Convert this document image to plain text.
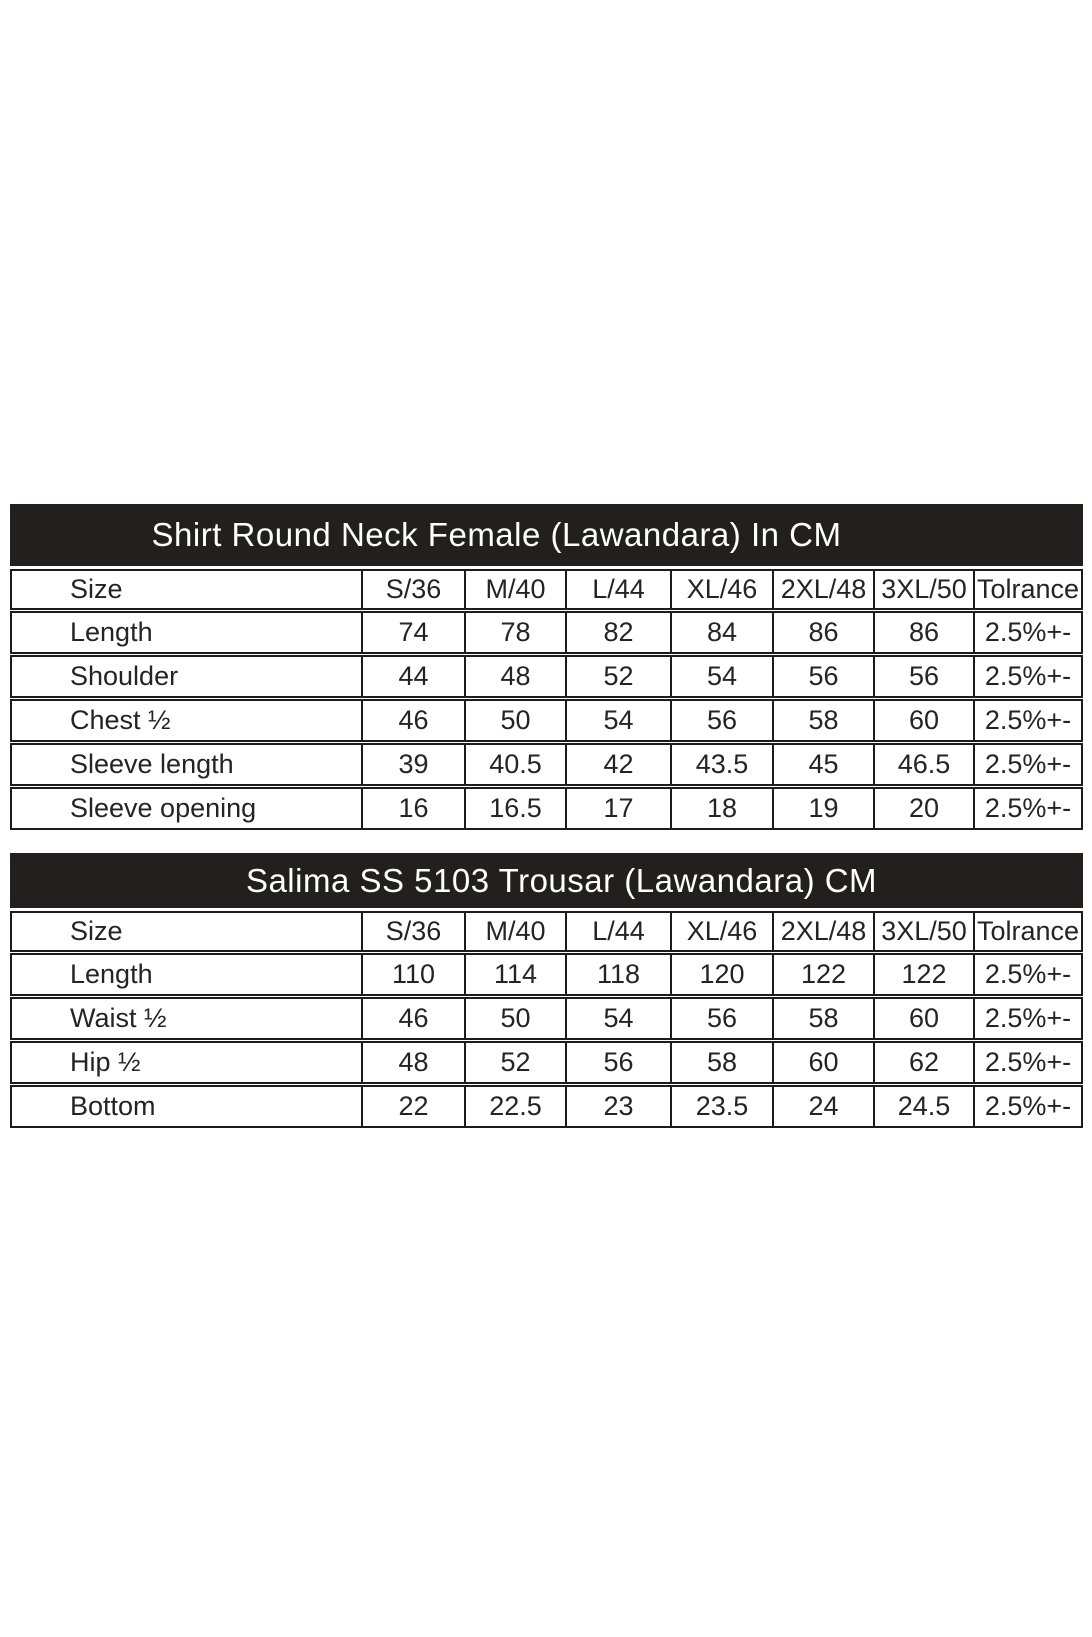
Shirt Round Neck Female (Lawandara) In CM
Size	S/36	M/40	L/44	XL/46 2XL/48 3XL/50 Tolrance
Length	74	78	82	84	86	86	2.5%+-
Shoulder	44	48	52	54	56	56	2.5%+-
Chest ½	46	50	54	56	58	60	2.5%+-
Sleeve length	39	40.5	42	43.5	45	46.5	2.5%+-
Sleeve opening	16	16.5	17	18	19	20	2.5%+-
Salima SS 5103 Trousar (Lawandara) CM
Size	S/36	M/40	L/44	XL/46 2XL/48 3XL/50 Tolrance
Length	110	114	118	120	122	122	2.5%+-
Waist ½	46	50	54	56	58	60	2.5%+-
Hip ½	48	52	56	58	60	62	2.5%+-
Bottom	22	22.5	23	23.5	24	24.5	2.5%+-
